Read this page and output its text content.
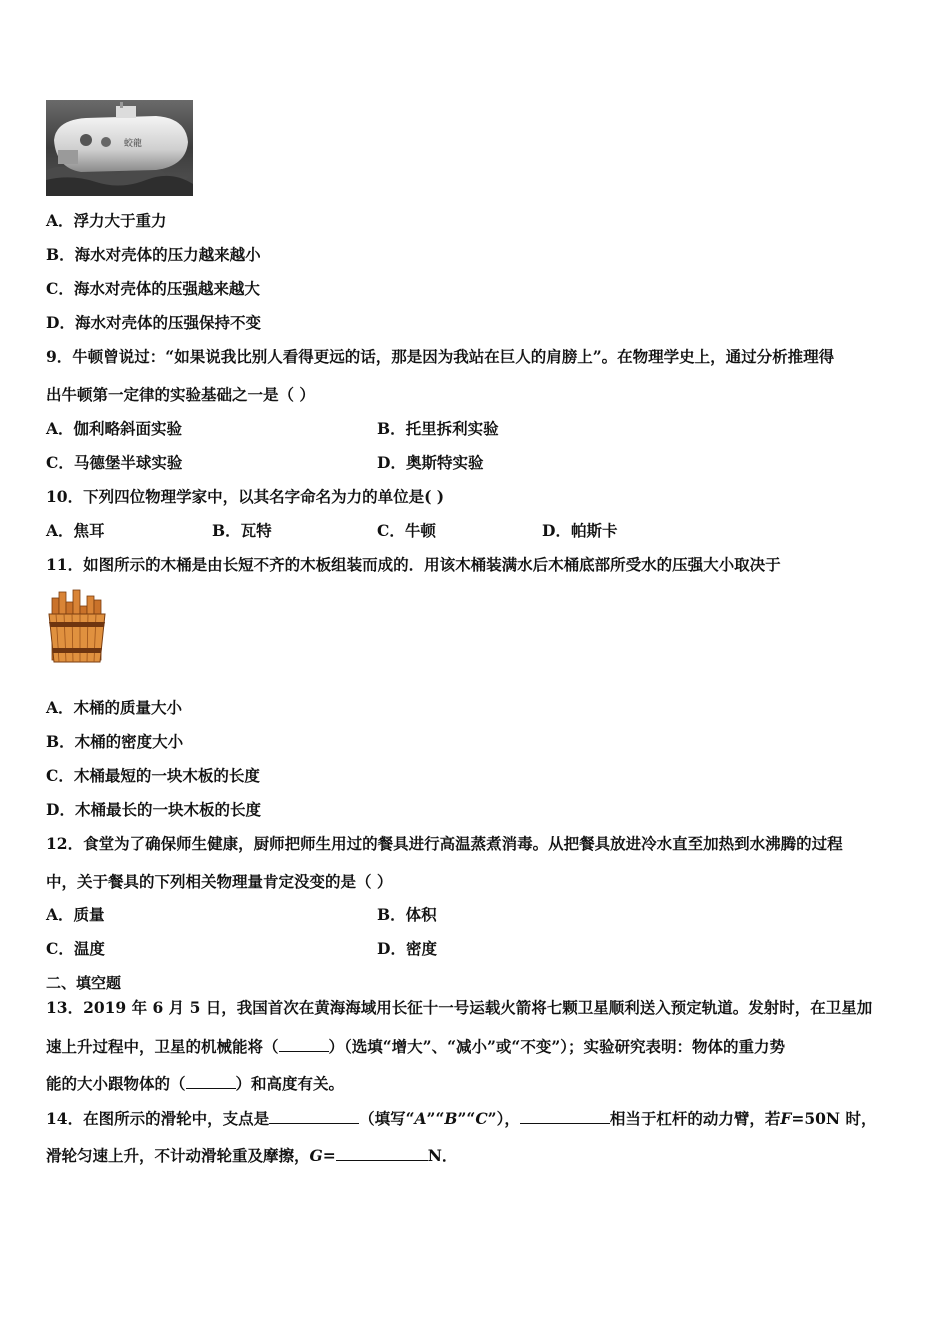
蛟龍
A．浮力大于重力
B．海水对壳体的压力越来越小
C．海水对壳体的压强越来越大
D．海水对壳体的压强保持不变
9．牛顿曾说过：“如果说我比别人看得更远的话，那是因为我站在巨人的肩膀上”。在物理学史上，通过分析推理得
出牛顿第一定律的实验基础之一是（ ）
A．伽利略斜面实验	B．托里拆利实验
C．马德堡半球实验	D．奥斯特实验
10．下列四位物理学家中，以其名字命名为力的单位是( )
A．焦耳	B．瓦特	C．牛顿	D．帕斯卡
11．如图所示的木桶是由长短不齐的木板组装而成的．用该木桶装满水后木桶底部所受水的压强大小取决于
A．木桶的质量大小
B．木桶的密度大小
C．木桶最短的一块木板的长度
D．木桶最长的一块木板的长度
12．食堂为了确保师生健康，厨师把师生用过的餐具进行高温蒸煮消毒。从把餐具放进冷水直至加热到水沸腾的过程
中，关于餐具的下列相关物理量肯定没变的是（ ）
A．质量	B．体积
C．温度	D．密度
二、填空题
13．2019 年 6 月 5 日，我国首次在黄海海域用长征十一号运载火箭将七颗卫星顺利送入预定轨道。发射时，在卫星加
速上升过程中，卫星的机械能将（	）（选填“增大”、“减小”或“不变”）；实验研究表明：物体的重力势
能的大小跟物体的（	）和高度有关。
14．在图所示的滑轮中，支点是	（填写“A”“B”“C”），	相当于杠杆的动力臂，若F=50N 时，
滑轮匀速上升，不计动滑轮重及摩擦，G=	N．
